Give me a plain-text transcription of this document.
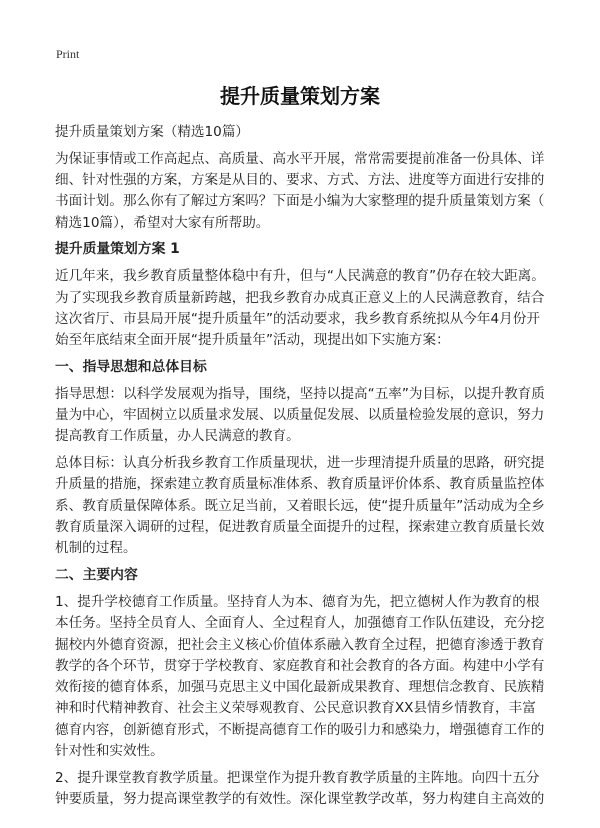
Print
提升质量策划方案
提升质量策划方案（精选10篇）
为保证事情或工作高起点、高质量、高水平开展，常常需要提前准备一份具体、详
细、针对性强的方案，方案是从目的、要求、方式、方法、进度等方面进行安排的
书面计划。那么你有了解过方案吗？下面是小编为大家整理的提升质量策划方案（
精选10篇），希望对大家有所帮助。
提升质量策划方案 1
近几年来，我乡教育质量整体稳中有升，但与“人民满意的教育”仍存在较大距离。
为了实现我乡教育质量新跨越，把我乡教育办成真正意义上的人民满意教育，结合
这次省厅、市县局开展“提升质量年”的活动要求，我乡教育系统拟从今年4月份开
始至年底结束全面开展“提升质量年”活动，现提出如下实施方案：
一、指导思想和总体目标
指导思想：以科学发展观为指导，围绕，坚持以提高“五率”为目标，以提升教育质
量为中心，牢固树立以质量求发展、以质量促发展、以质量检验发展的意识，努力
提高教育工作质量，办人民满意的教育。
总体目标：认真分析我乡教育工作质量现状，进一步理清提升质量的思路，研究提
升质量的措施，探索建立教育质量标准体系、教育质量评价体系、教育质量监控体
系、教育质量保障体系。既立足当前，又着眼长远，使“提升质量年”活动成为全乡
教育质量深入调研的过程，促进教育质量全面提升的过程，探索建立教育质量长效
机制的过程。
二、主要内容
1、提升学校德育工作质量。坚持育人为本、德育为先，把立德树人作为教育的根
本任务。坚持全员育人、全面育人、全过程育人，加强德育工作队伍建设，充分挖
掘校内外德育资源，把社会主义核心价值体系融入教育全过程，把德育渗透于教育
教学的各个环节，贯穿于学校教育、家庭教育和社会教育的各方面。构建中小学有
效衔接的德育体系，加强马克思主义中国化最新成果教育、理想信念教育、民族精
神和时代精神教育、社会主义荣辱观教育、公民意识教育XX县情乡情教育，丰富
德育内容，创新德育形式，不断提高德育工作的吸引力和感染力，增强德育工作的
针对性和实效性。
2、提升课堂教育教学质量。把课堂作为提升教育教学质量的主阵地。向四十五分
钟要质量，努力提高课堂教学的有效性。深化课堂教学改革，努力构建自主高效的
